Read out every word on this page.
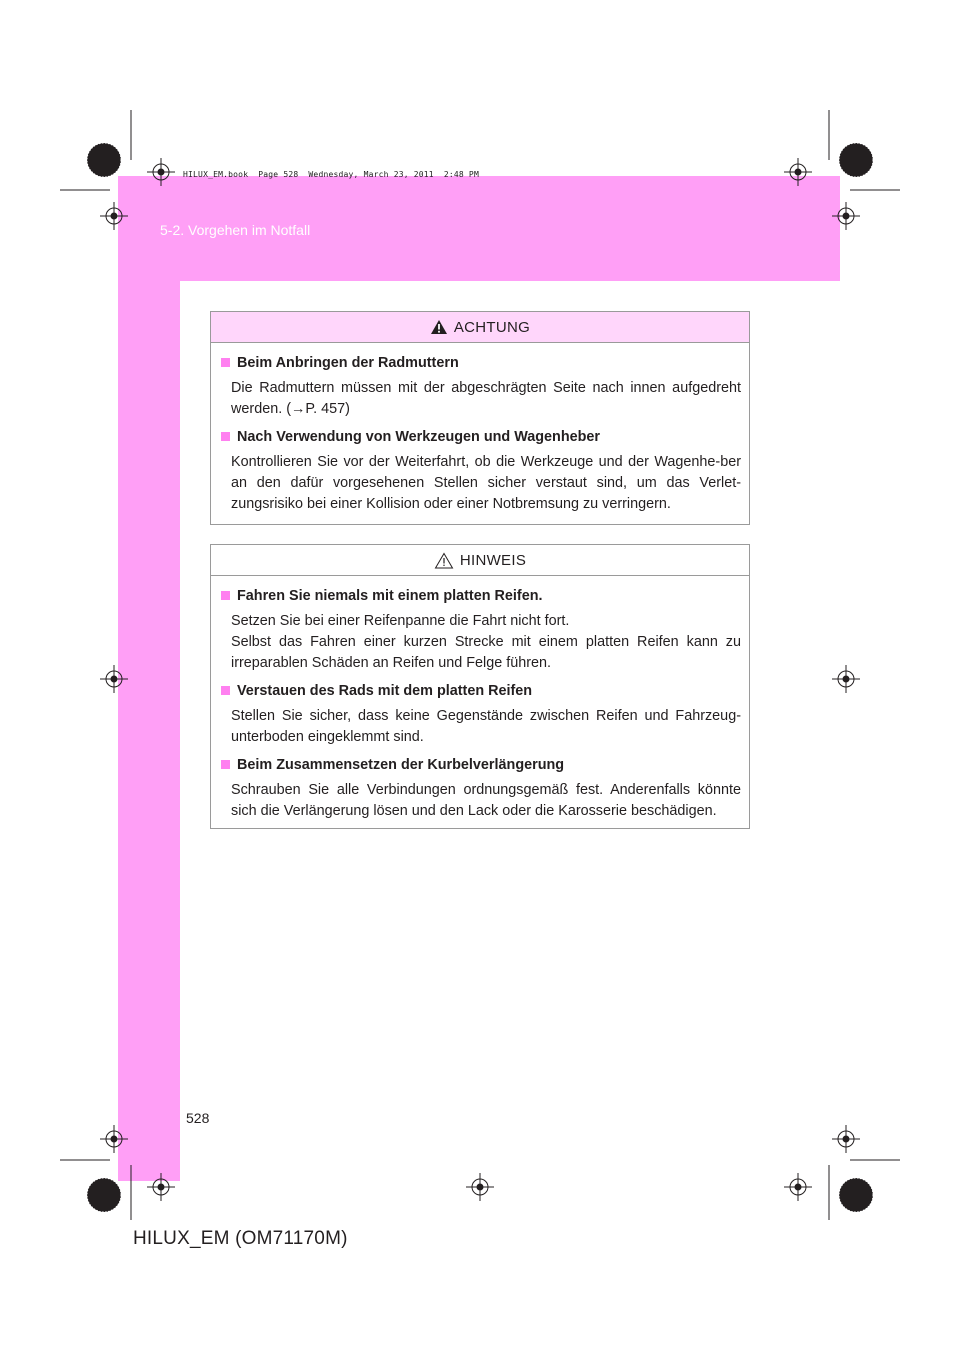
HILUX_EM.book  Page 528  Wednesday, March 23, 2011  2:48 PM
5-2. Vorgehen im Notfall
ACHTUNG
Beim Anbringen der Radmuttern
Die Radmuttern müssen mit der abgeschrägten Seite nach innen aufgedreht werden. (→P. 457)
Nach Verwendung von Werkzeugen und Wagenheber
Kontrollieren Sie vor der Weiterfahrt, ob die Werkzeuge und der Wagenhe-ber an den dafür vorgesehenen Stellen sicher verstaut sind, um das Verlet-zungsrisiko bei einer Kollision oder einer Notbremsung zu verringern.
HINWEIS
Fahren Sie niemals mit einem platten Reifen.
Setzen Sie bei einer Reifenpanne die Fahrt nicht fort.
Selbst das Fahren einer kurzen Strecke mit einem platten Reifen kann zu irreparablen Schäden an Reifen und Felge führen.
Verstauen des Rads mit dem platten Reifen
Stellen Sie sicher, dass keine Gegenstände zwischen Reifen und Fahrzeug-unterboden eingeklemmt sind.
Beim Zusammensetzen der Kurbelverlängerung
Schrauben Sie alle Verbindungen ordnungsgemäß fest. Anderenfalls könnte sich die Verlängerung lösen und den Lack oder die Karosserie beschädigen.
528
HILUX_EM (OM71170M)
